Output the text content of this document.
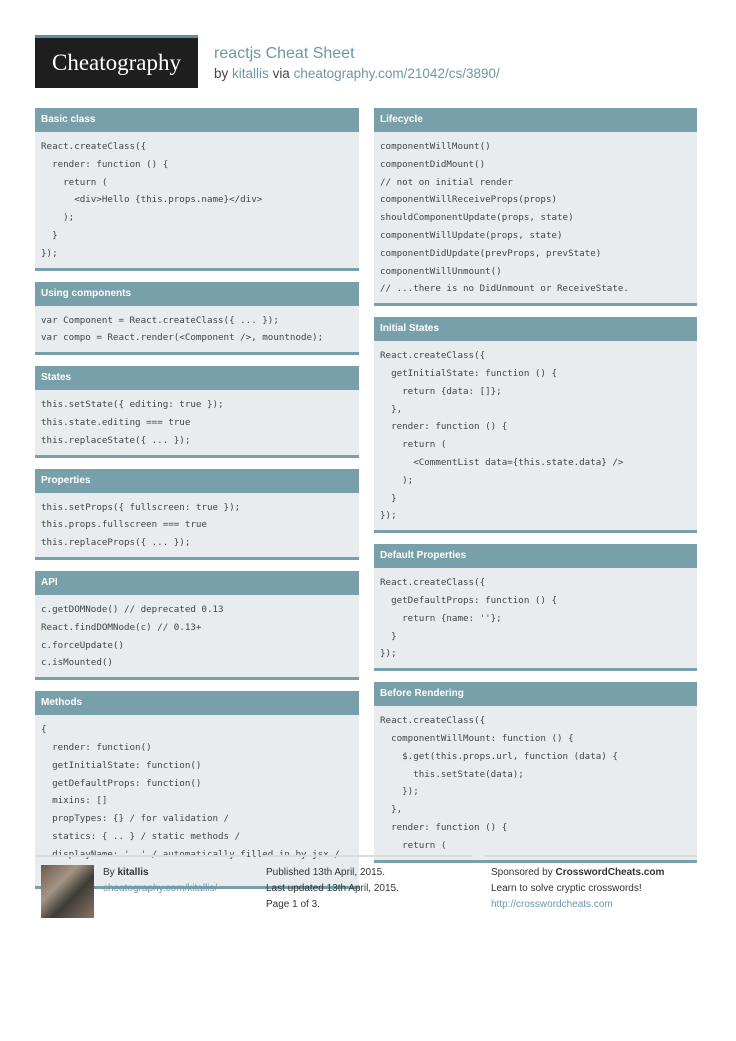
Cheatography	reactjs Cheat Sheet
by kitallis via cheatography.com/21042/cs/3890/
Basic class
React.createClass({
render: function () {
return (
<div>Hello {this.props.name}</div>
);
}
});
Using components
var Component = React.createClass({ ... });
var compo = React.render(<Component />, mountnode);
States
this.setState({ editing: true });
this.state.editing === true
this.replaceState({ ... });
Properties
this.setProps({ fullscreen: true });
this.props.fullscreen === true
this.replaceProps({ ... });
API
c.getDOMNode() // deprecated 0.13
React.findDOMNode(c) // 0.13+
c.forceUpdate()
c.isMounted()
Methods
{
render: function()
getInitialState: function()
getDefaultProps: function()
mixins: []
propTypes: {} / for validation /
statics: { .. } / static methods /
displayName: '..' / automatically filled in by jsx /
Lifecycle
componentWillMount()
componentDidMount()
// not on initial render
componentWillReceiveProps(props)
shouldComponentUpdate(props, state)
componentWillUpdate(props, state)
componentDidUpdate(prevProps, prevState)
componentWillUnmount()
// ...there is no DidUnmount or ReceiveState.
Initial States
React.createClass({
getInitialState: function () {
return {data: []};
},
render: function () {
return (
<CommentList data={this.state.data} />
);
}
});
Default Properties
React.createClass({
getDefaultProps: function () {
return {name: ''};
}
});
Before Rendering
React.createClass({
componentWillMount: function () {
$.get(this.props.url, function (data) {
this.setState(data);
});
},
render: function () {
return (
By kitallis
cheatography.com/kitallis/
Published 13th April, 2015.
Last updated 13th April, 2015.
Page 1 of 3.
Sponsored by CrosswordCheats.com
Learn to solve cryptic crosswords!
http://crosswordcheats.com
